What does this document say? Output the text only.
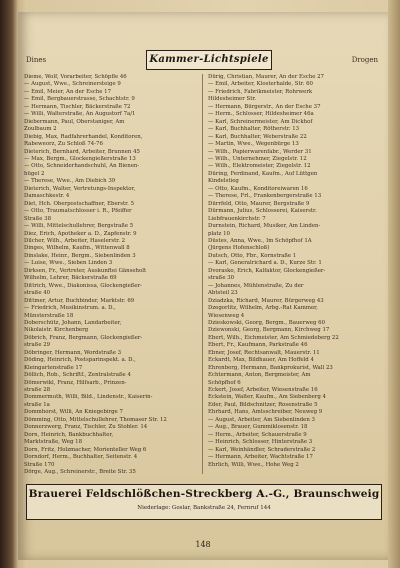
Dines	Kammer-Lichtspiele	Drogen
Dieme, Wolf, Vorarbeiter, Schöpfle 46
— August, Wwe., Schreinersteige 9
— Emil, Meier, An der Esche 17
— Emil, Bergbauerstrasse, Schachtstr. 9
— Hermann, Tischler, Bäckerstraße 72
— Willi, Walterstraße, An Augustorf 7a/1
Diebermann, Paul, Oberstaniger, Am
Zoulbaum 2
Diebig, Max, Radfahrerhandel, Konditoren,
Rabeweorz, Zu Schloß 74-76
Dieterich, Bernhard, Arbeiter, Brunnen 45
— Max, Bergm., Glockengießerstraße 13
— Otto, Schneiderhandschuhl, An Bienen-
hügel 2
— Therese, Wwe., Am Diebich 39
Dieterich, Walter, Vertretungs-Inspektor,
Damaschkestr. 4
Diet, Hch. Oberpostschaffner, Eberstr. 5
— Otto, Traumatschlosser i. R., Pfeiffer
Straße 38
— Willi, Mittelschullehrer, Bergstraße 5
Diez, Erich, Apotheker a. D., Zapfenstr. 9
Dilcher, Wilh., Arbeiter, Haselerstr. 2
Dinges, Wilhelm, Kaufm., Wittenwall 8
Dinslake, Heinr., Bergm., Siebenlinden 3
— Luise, Wwe., Sieben Linden 3
Dirksen, Fr., Vertreter, Auskunftei Gänseholt
Wilhelm, Lehrer, Bäckerstraße 69
Dittrich, Wwe., Diakonissa, Glockengießer-
straße 40
Dittmer, Artur, Buchbinder, Marktstr. 69
— Friedrich, Musikinstrum. a. D.,
Münsterstraße 18
Doberschütz, Johann, Landarbeiter,
Nikolaistr. Kirchenberg
Döbrich, Franz, Bergmann, Glockengießer-
straße 29
Döbringer, Hermann, Wordstraße 3
Döding, Heinrich, Postsparinspekt. a. D.,
Kleingartenstraße 17
Döllich, Rob., Schriftf., Zentralstraße 4
Dömerwikl, Franz, Hilfsarb., Prinzen-
straße 28
Dommermuth, Willi, Bild., Lindenstr., Kaiserin-
straße 1a
Dommhorst, Willi, An Kniegebirge 7
Dömming, Otto, Mittelschullehrer, Thomaser Str. 12
Donnerzwerg, Franz, Tischler, Zu Stobler. 14
Dorn, Heinrich, Bankbuchhalter,
Marktstraße, Weg 18
Dorn, Fritz, Holzmacher, Morienteller Weg 6
Dorndorf, Herm., Buchhalter, Seitenstr. 4
Straße 170
Dörge, Aug., Schreinerstr., Breite Str. 35
Dürig, Christian, Maurer, An der Esche 27
— Emil, Arbeiter, Klosterhalde, Str. 60
— Friedrich, Fabrikmeister, Rohrwerk
Hildesheimer Str.
— Hermann, Bürgerstr., An der Esche 37
— Herm., Schlosser, Hildesheimer 46a
— Karl, Schreinermeister, Am Dickhof
— Karl, Buchhalter, Rötherstr. 13
— Karl, Buchhalter, Weberstraße 22
— Martin, Wwe., Wegenbürge 13
— Wilh., Papierwarenfabr., Werder 31
— Wilh., Unternehmer, Ziegelstr. 12
— Wilh., Elektromeister, Ziegelstr. 12
Düring, Ferdinand, Kaufm., Auf Lüttgen
Kindelstieg
— Otto, Kaufm., Konditoreiwaren 16
— Therese, Frl., Frankenbergerstraße 13
Dürrfeld, Otto, Maurer, Bergstraße 9
Dürmann, Julius, Schlosserei, Kaiserstr.
Liebfrauenkirchstr. 7
Durnstein, Richard, Musiker, Am Linden-
platz 10
Düstes, Anna, Wwe., Im Schöpfhof 1A
(Jürgens Hofenschloß)
Dutsch, Otto, Fbr., Kornstraße 1
— Karl, Generalrichard a. D., Kurze Str. 1
Dvorasko, Erich, Kalfaktor, Glockengießer-
straße 30
— Johannes, Mühlenstraße, Zu der
Abtsteil 23
Dziadzka, Richard, Maurer, Bürgerweg 43
Dzegorlitz, Wilhelm, Arbg.-Rat Kammer,
Wiesenweg 4
Dzieskowski, Georg, Bergm., Bauerweg 60
Dziewonski, Georg, Bergmann, Kirchweg 17
Ebert, Wilh., Eichmeister, Am Schmiedeberg 22
Ebert, Fr., Kaufmann, Parkstraße 46
Ebner, Josef, Rechtsanwalt, Mauerstr. 11
Eckardt, Max, Bildhauer, Am Hoffeld 4
Ehrenberg, Hermann, Bankprokurist, Wall 23
Echtermann, Anton, Bergmeister, Am
Schöpfhof 6
Eckert, Josef, Arbeiter, Wiesenstraße 16
Eckstein, Walter, Kaufm., Am Siebenberg 4
Eder, Paul, Bildschnitzer, Rosenstraße 5
Ehrhard, Hans, Amtsschreiber, Neuweg 9
— August, Arbeiter, Am Siebenlinden 3
— Aug., Brauer, Gummiklosenstr. 18
— Herm., Arbeiter, Schauerstraße 9
— Heinrich, Schlosser, Hinterstraße 3
— Karl, Weinhändler, Schraderstraße 2
— Hermann, Arbeiter, Wachtstraße 17
Ehrlich, Willi, Wwe., Hohe Weg 2
Brauerei Feldschlößchen-Streckberg A.-G., Braunschweig
Niederlage: Goslar, Bankstraße 24, Fernruf 144
148
